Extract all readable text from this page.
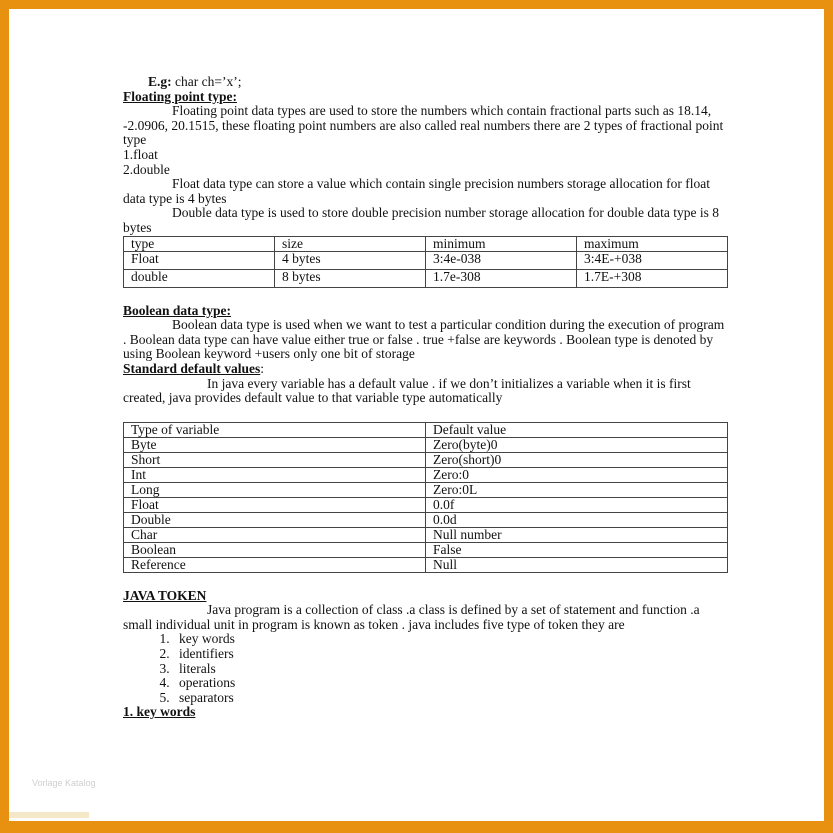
E.g: char ch=’x’;

Floating point type:

Floating point data types are used to store the numbers which contain fractional parts such as 18.14, -2.0906, 20.1515, these floating point numbers are also called real numbers there are 2 types of fractional point type

1.float

2.double

Float data type can store a value which contain single precision numbers storage allocation for float data type is 4 bytes

Double data type is used to store double precision number storage allocation for double data type is 8 bytes

type	size	minimum	maximum
Float	4 bytes	3:4e-038	3:4E-+038
double	8 bytes	1.7e-308	1.7E-+308

Boolean data type:

Boolean data type is used when we want to test a particular condition during the execution of program . Boolean data type can have value either true or false . true +false are keywords . Boolean type is denoted by using Boolean keyword +users only one bit of storage

Standard default values:

In java every variable has a default value . if we don’t initializes a variable when it is first created, java provides default value to that variable type automatically

Type of variable	Default value
Byte	Zero(byte)0
Short	Zero(short)0
Int	Zero:0
Long	Zero:0L
Float	0.0f
Double	0.0d
Char	Null number
Boolean	False
Reference	Null

JAVA TOKEN

Java program is a collection of class .a class is defined by a set of statement and function .a small individual unit in program is known as token . java includes five type of token they are

1. key words
2. identifiers
3. literals
4. operations
5. separators

1. key words

Vorlage Katalog
